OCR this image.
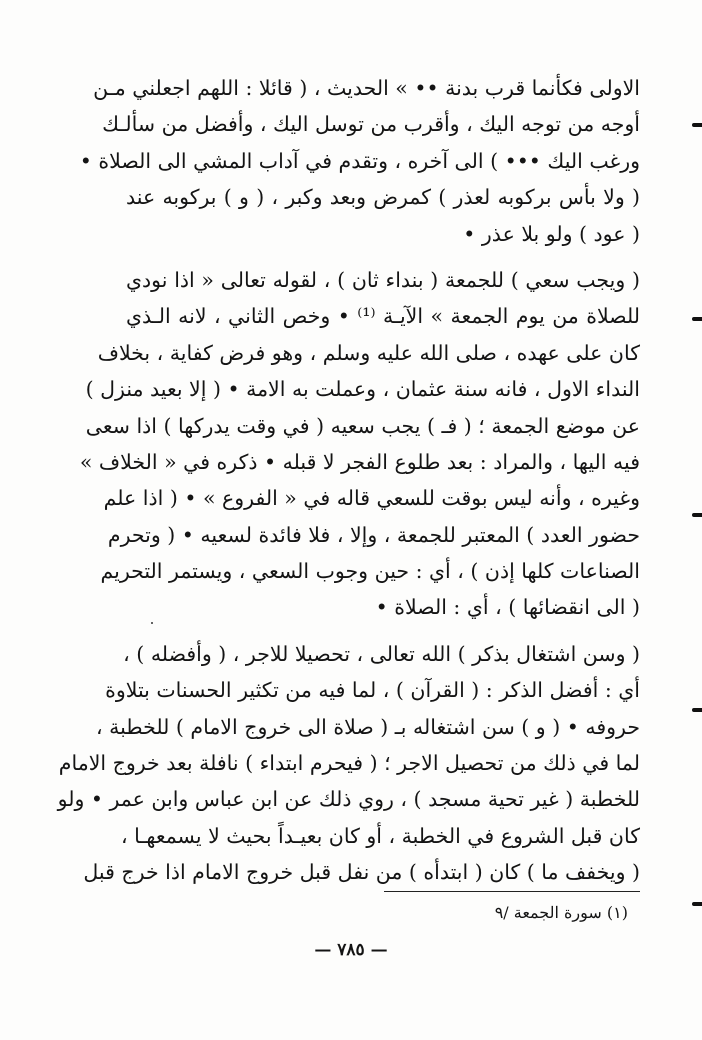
الاولى فكأنما قرب بدنة ‎••‎ » الحديث ، ( قائلا : اللهم اجعلني مـن
أوجه من توجه اليك ، وأقرب من توسل اليك ، وأفضل من سألـك
ورغب اليك ‎•••‎ ) الى آخره ، وتقدم في آداب المشي الى الصلاة •
( ولا بأس بركوبه لعذر ) كمرض وبعد وكبر ، ( و ) بركوبه عند
( عود ) ولو بلا عذر •
( ويجب سعي ) للجمعة ( بنداء ثان ) ، لقوله تعالى « اذا نودي
للصلاة من يوم الجمعة » الآيـة ⁽¹⁾ • وخص الثاني ، لانه الـذي
كان على عهده ، صلى الله عليه وسلم ، وهو فرض كفاية ، بخلاف
النداء الاول ، فانه سنة عثمان ، وعملت به الامة • ( إلا بعيد منزل )
عن موضع الجمعة ؛ ( فـ ) يجب سعيه ( في وقت يدركها ) اذا سعى
فيه اليها ، والمراد : بعد طلوع الفجر لا قبله • ذكره في « الخلاف »
وغيره ، وأنه ليس بوقت للسعي قاله في « الفروع » • ( اذا علم
حضور العدد ) المعتبر للجمعة ، وإلا ، فلا فائدة لسعيه • ( وتحرم
الصناعات كلها إذن ) ، أي : حين وجوب السعي ، ويستمر التحريم
( الى انقضائها ) ، أي : الصلاة •
( وسن اشتغال بذكر ) الله تعالى ، تحصيلا للاجر ، ( وأفضله ) ،
أي : أفضل الذكر : ( القرآن ) ، لما فيه من تكثير الحسنات بتلاوة
حروفه • ( و ) سن اشتغاله بـ ( صلاة الى خروج الامام ) للخطبة ،
لما في ذلك من تحصيل الاجر ؛ ( فيحرم ابتداء ) نافلة بعد خروج الامام
للخطبة ( غير تحية مسجد ) ، روي ذلك عن ابن عباس وابن عمر • ولو
كان قبل الشروع في الخطبة ، أو كان بعيـداً بحيث لا يسمعهـا ،
( ويخفف ما ) كان ( ابتدأه ) من نفل قبل خروج الامام اذا خرج قبل
(١) سورة الجمعة /٩
— ٧٨٥ —
